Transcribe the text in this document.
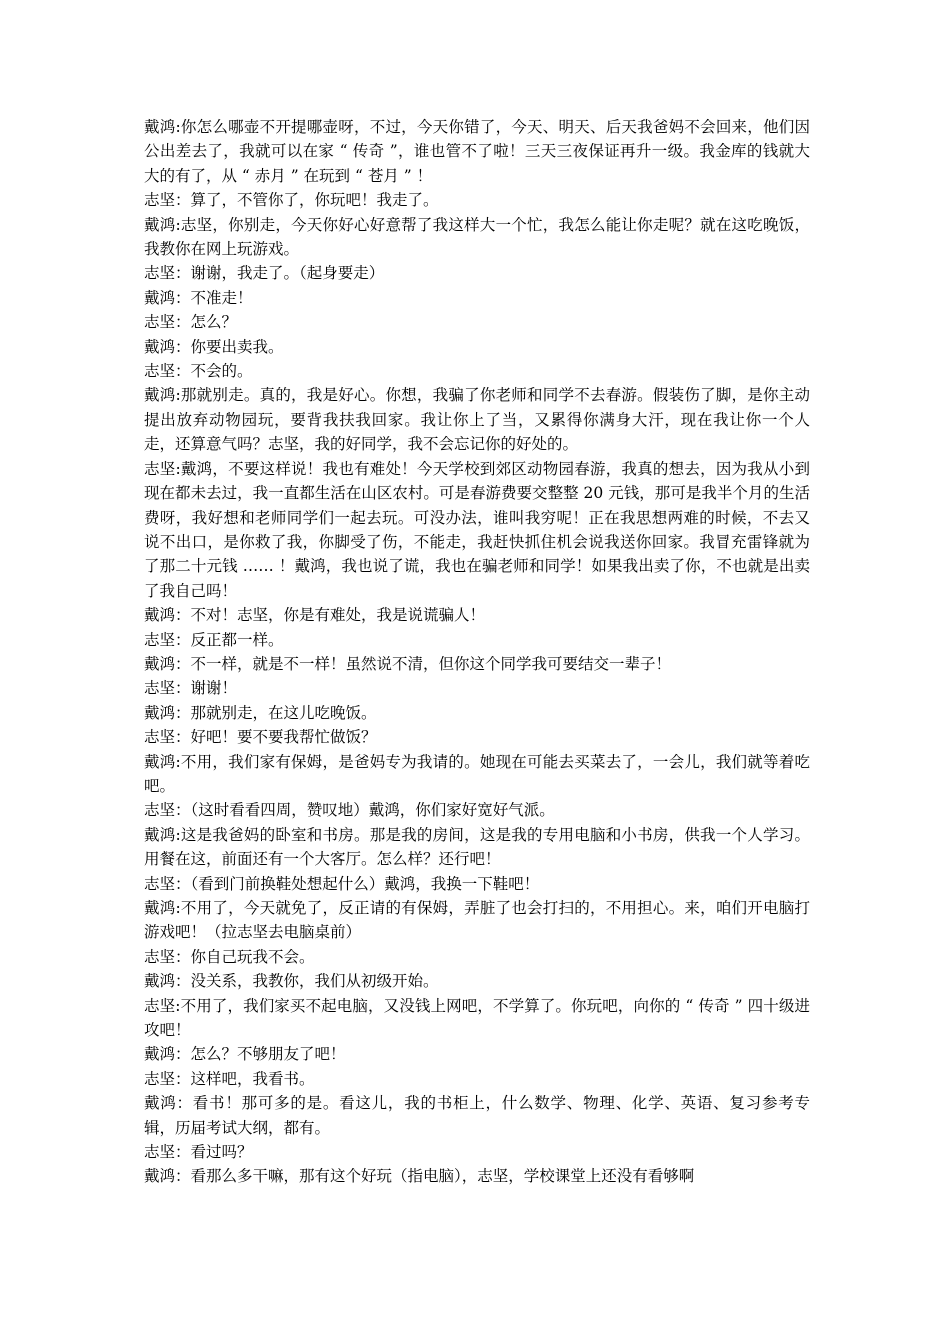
戴鸿:你怎么哪壶不开提哪壶呀，不过，今天你错了，今天、明天、后天我爸妈不会回来，他们因公出差去了，我就可以在家 “ 传奇 ”，谁也管不了啦！三天三夜保证再升一级。我金库的钱就大大的有了，从 “ 赤月 ” 在玩到 “ 苍月 ” ！

志坚：算了，不管你了，你玩吧！我走了。

戴鸿:志坚，你别走，今天你好心好意帮了我这样大一个忙，我怎么能让你走呢？就在这吃晚饭，我教你在网上玩游戏。

志坚：谢谢，我走了。（起身要走）

戴鸿：不准走！

志坚：怎么？

戴鸿：你要出卖我。

志坚：不会的。

戴鸿:那就别走。真的，我是好心。你想，我骗了你老师和同学不去春游。假装伤了脚，是你主动提出放弃动物园玩，要背我扶我回家。我让你上了当，又累得你满身大汗，现在我让你一个人走，还算意气吗？志坚，我的好同学，我不会忘记你的好处的。

志坚:戴鸿，不要这样说！我也有难处！今天学校到郊区动物园春游，我真的想去，因为我从小到现在都未去过，我一直都生活在山区农村。可是春游费要交整整 20 元钱，那可是我半个月的生活费呀，我好想和老师同学们一起去玩。可没办法，谁叫我穷呢！正在我思想两难的时候，不去又说不出口，是你救了我，你脚受了伤，不能走，我赶快抓住机会说我送你回家。我冒充雷锋就为了那二十元钱 …… ！戴鸿，我也说了谎，我也在骗老师和同学！如果我出卖了你，不也就是出卖了我自己吗！

戴鸿：不对！志坚，你是有难处，我是说谎骗人！

志坚：反正都一样。

戴鸿：不一样，就是不一样！虽然说不清，但你这个同学我可要结交一辈子！

志坚：谢谢！

戴鸿：那就别走，在这儿吃晚饭。

志坚：好吧！要不要我帮忙做饭？

戴鸿:不用，我们家有保姆，是爸妈专为我请的。她现在可能去买菜去了，一会儿，我们就等着吃吧。

志坚：（这时看看四周，赞叹地）戴鸿，你们家好宽好气派。

戴鸿:这是我爸妈的卧室和书房。那是我的房间，这是我的专用电脑和小书房，供我一个人学习。用餐在这，前面还有一个大客厅。怎么样？还行吧！

志坚：（看到门前换鞋处想起什么）戴鸿，我换一下鞋吧！

戴鸿:不用了，今天就免了，反正请的有保姆，弄脏了也会打扫的，不用担心。来，咱们开电脑打游戏吧！（拉志坚去电脑桌前）

志坚：你自己玩我不会。

戴鸿：没关系，我教你，我们从初级开始。

志坚:不用了，我们家买不起电脑，又没钱上网吧，不学算了。你玩吧，向你的 “ 传奇 ” 四十级进攻吧！

戴鸿：怎么？不够朋友了吧！

志坚：这样吧，我看书。

戴鸿：看书！那可多的是。看这儿，我的书柜上，什么数学、物理、化学、英语、复习参考专辑，历届考试大纲，都有。

志坚：看过吗？

戴鸿：看那么多干嘛，那有这个好玩（指电脑），志坚，学校课堂上还没有看够啊
